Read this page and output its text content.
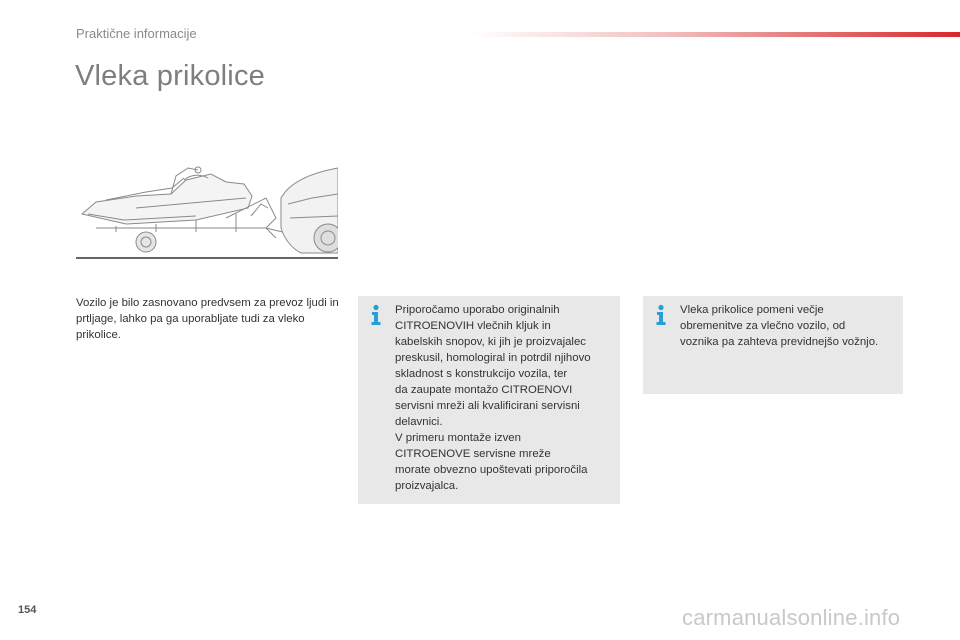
Praktične informacije
Vleka prikolice
Vozilo je bilo zasnovano predvsem za prevoz ljudi in prtljage, lahko pa ga uporabljate tudi za vleko prikolice.
Priporočamo uporabo originalnih
CITROENOVIH vlečnih kljuk in
kabelskih snopov, ki jih je proizvajalec
preskusil, homologiral in potrdil njihovo
skladnost s konstrukcijo vozila, ter
da zaupate montažo CITROENOVI
servisni mreži ali kvalificirani servisni
delavnici.
V primeru montaže izven
CITROENOVE servisne mreže
morate obvezno upoštevati priporočila
proizvajalca.
Vleka prikolice pomeni večje
obremenitve za vlečno vozilo, od
voznika pa zahteva previdnejšo vožnjo.
154	carmanualsonline.info
